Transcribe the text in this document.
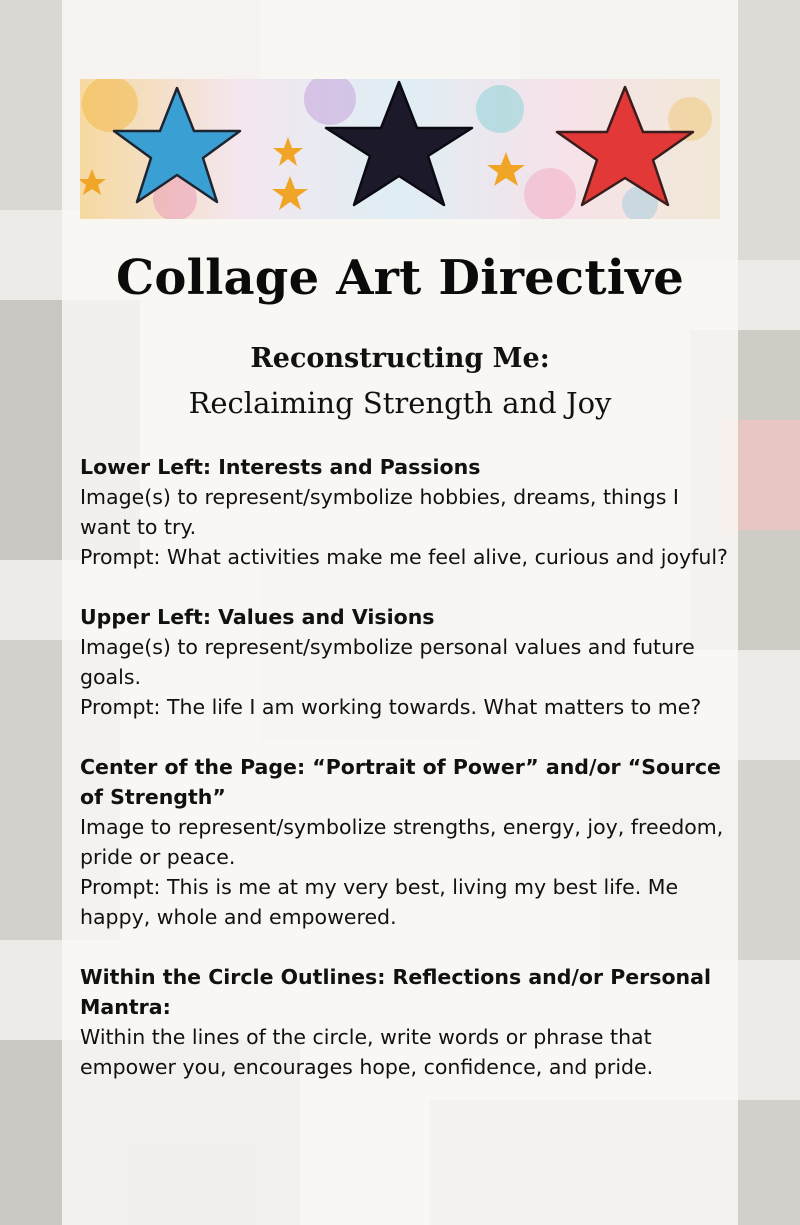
Collage Art Directive
Reconstructing Me:
Reclaiming Strength and Joy

Lower Left: Interests and Passions

Image(s) to represent/symbolize hobbies, dreams, things I want to try.

Prompt: What activities make me feel alive, curious and joyful?

Upper Left: Values and Visions

Image(s) to represent/symbolize personal values and future goals.

Prompt: The life I am working towards. What matters to me?

Center of the Page: “Portrait of Power” and/or “Source of Strength”

Image to represent/symbolize strengths, energy, joy, freedom, pride or peace.

Prompt: This is me at my very best, living my best life. Me happy, whole and empowered.

Within the Circle Outlines: Reflections and/or Personal Mantra:

Within the lines of the circle, write words or phrase that empower you, encourages hope, confidence, and pride.
